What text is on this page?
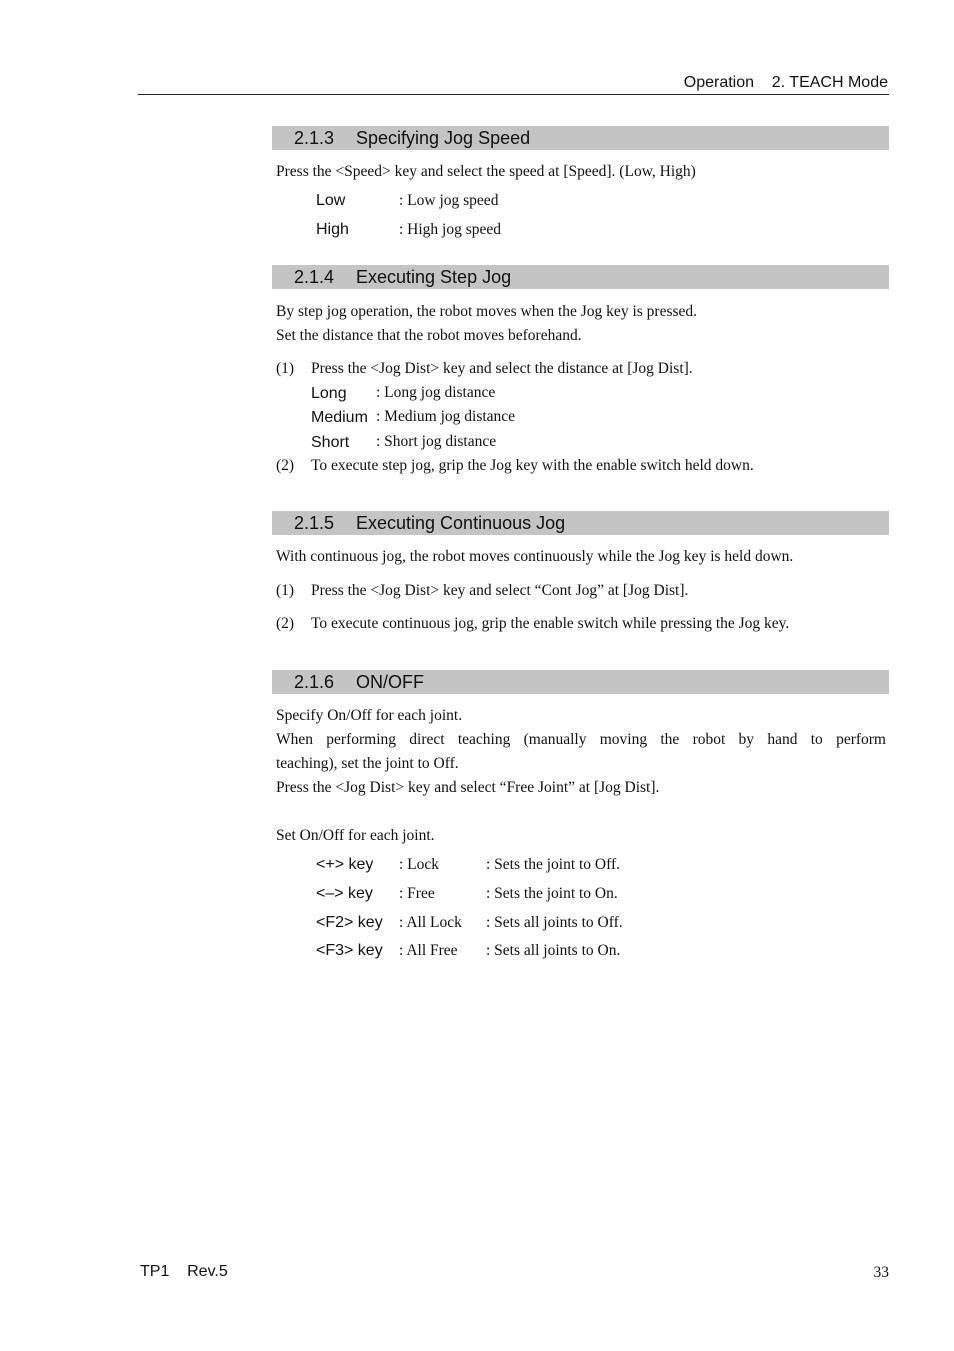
Operation 2. TEACH Mode
2.1.3 Specifying Jog Speed
Press the <Speed> key and select the speed at [Speed]. (Low, High)
Low	: Low jog speed
High	: High jog speed
2.1.4 Executing Step Jog
By step jog operation, the robot moves when the Jog key is pressed.
Set the distance that the robot moves beforehand.
(1) Press the <Jog Dist> key and select the distance at [Jog Dist].
Long : Long jog distance
Medium : Medium jog distance
Short : Short jog distance
(2) To execute step jog, grip the Jog key with the enable switch held down.
2.1.5 Executing Continuous Jog
With continuous jog, the robot moves continuously while the Jog key is held down.
(1) Press the <Jog Dist> key and select “Cont Jog” at [Jog Dist].
(2) To execute continuous jog, grip the enable switch while pressing the Jog key.
2.1.6 ON/OFF
Specify On/Off for each joint.
When performing direct teaching (manually moving the robot by hand to perform
teaching), set the joint to Off.
Press the <Jog Dist> key and select “Free Joint” at [Jog Dist].
Set On/Off for each joint.
<+> key : Lock	: Sets the joint to Off.
<–> key : Free	: Sets the joint to On.
<F2> key : All Lock : Sets all joints to Off.
<F3> key : All Free : Sets all joints to On.
TP1 Rev.5	33
